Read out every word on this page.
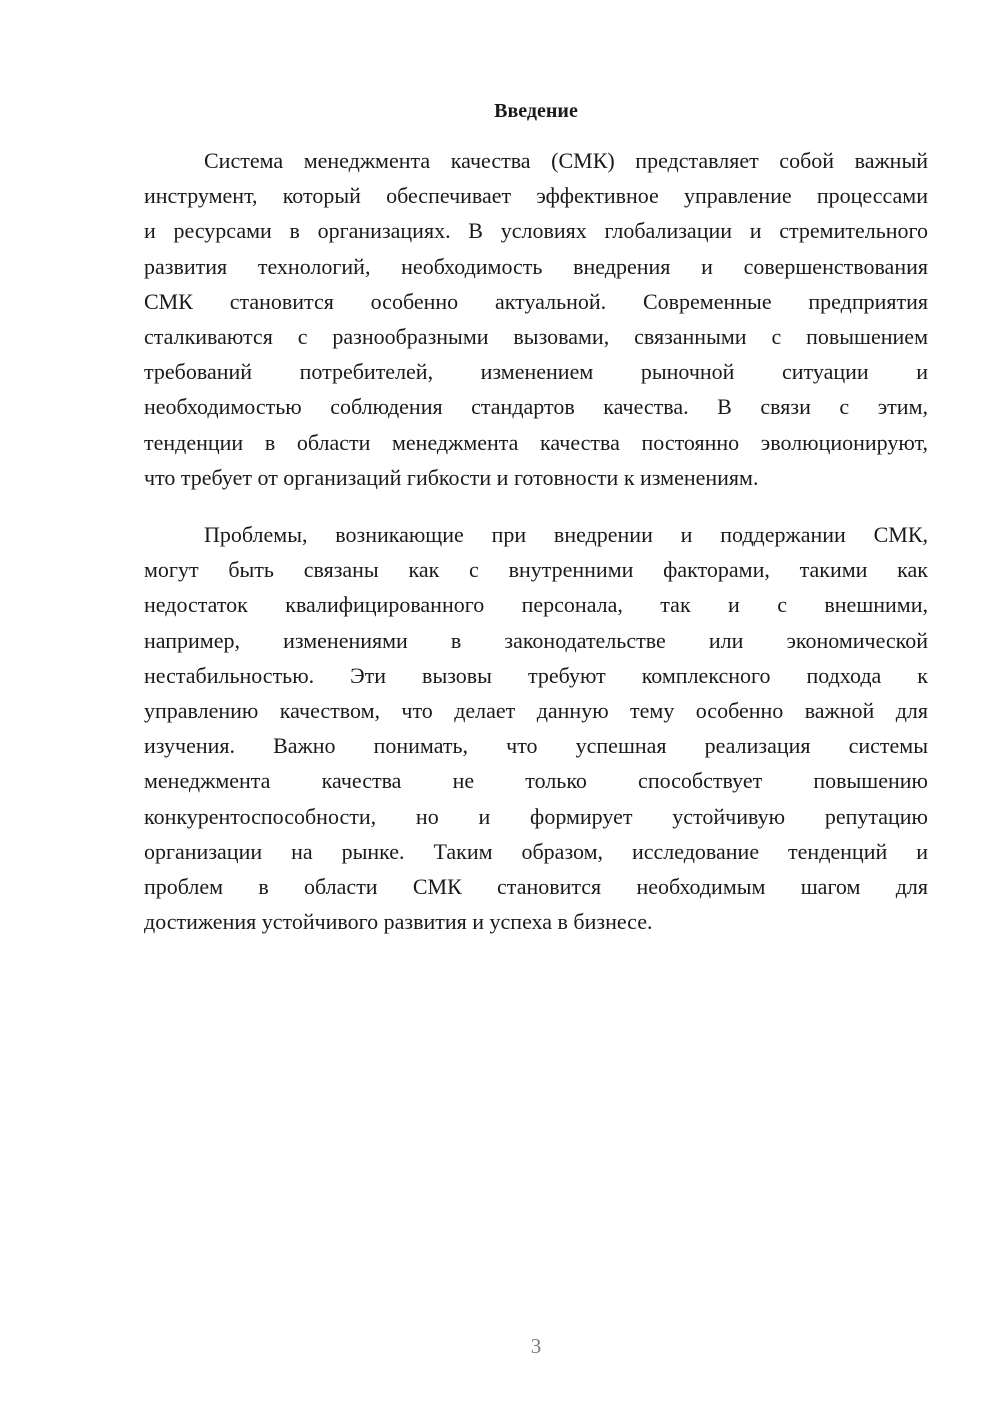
Введение

Система менеджмента качества (СМК) представляет собой важный
инструмент, который обеспечивает эффективное управление процессами
и ресурсами в организациях. В условиях глобализации и стремительного
развития технологий, необходимость внедрения и совершенствования
СМК становится особенно актуальной. Современные предприятия
сталкиваются с разнообразными вызовами, связанными с повышением
требований потребителей, изменением рыночной ситуации и
необходимостью соблюдения стандартов качества. В связи с этим,
тенденции в области менеджмента качества постоянно эволюционируют,
что требует от организаций гибкости и готовности к изменениям.

Проблемы, возникающие при внедрении и поддержании СМК,
могут быть связаны как с внутренними факторами, такими как
недостаток квалифицированного персонала, так и с внешними,
например, изменениями в законодательстве или экономической
нестабильностью. Эти вызовы требуют комплексного подхода к
управлению качеством, что делает данную тему особенно важной для
изучения. Важно понимать, что успешная реализация системы
менеджмента качества не только способствует повышению
конкурентоспособности, но и формирует устойчивую репутацию
организации на рынке. Таким образом, исследование тенденций и
проблем в области СМК становится необходимым шагом для
достижения устойчивого развития и успеха в бизнесе.

3
